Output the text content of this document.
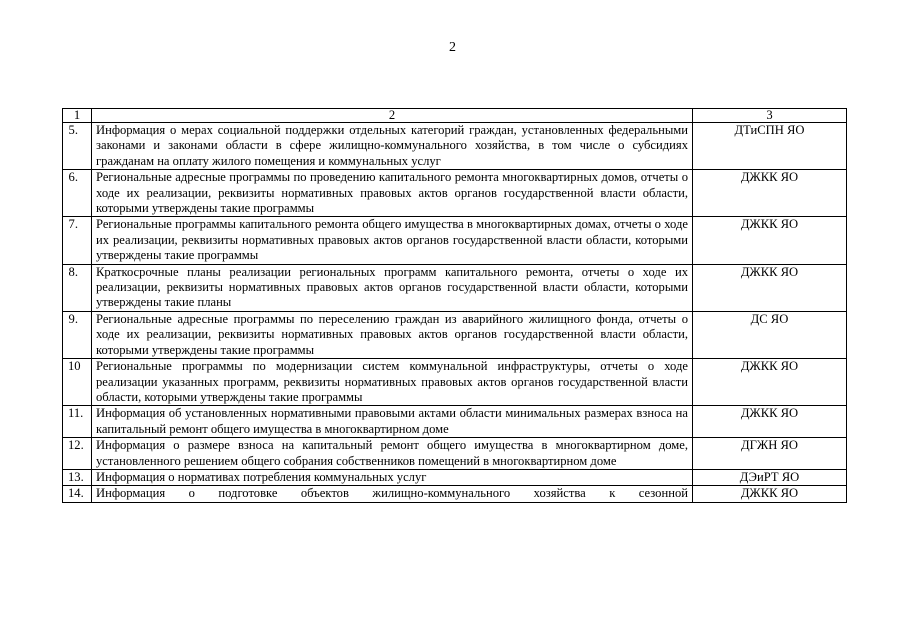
2
1	2	3
5.	Информация о мерах социальной поддержки отдельных категорий граждан, установленных федеральными законами и законами области в сфере жилищно-коммунального хозяйства, в том числе о субсидиях гражданам на оплату жилого помещения и коммунальных услуг	ДТиСПН ЯО
6.	Региональные адресные программы по проведению капитального ремонта многоквартирных домов, отчеты о ходе их реализации, реквизиты нормативных правовых актов органов государственной власти области, которыми утверждены такие программы	ДЖКК ЯО
7.	Региональные программы капитального ремонта общего имущества в многоквартирных домах, отчеты о ходе их реализации, реквизиты нормативных правовых актов органов государственной власти области, которыми утверждены такие программы	ДЖКК ЯО
8.	Краткосрочные планы реализации региональных программ капитального ремонта, отчеты о ходе их реализации, реквизиты нормативных правовых актов органов государственной власти области, которыми утверждены такие планы	ДЖКК ЯО
9.	Региональные адресные программы по переселению граждан из аварийного жилищного фонда, отчеты о ходе их реализации, реквизиты нормативных правовых актов органов государственной власти области, которыми утверждены такие программы	ДС ЯО
10	Региональные программы по модернизации систем коммунальной инфраструктуры, отчеты о ходе реализации указанных программ, реквизиты нормативных правовых актов органов государственной власти области, которыми утверждены такие программы	ДЖКК ЯО
11.	Информация об установленных нормативными правовыми актами области минимальных размерах взноса на капитальный ремонт общего имущества в многоквартирном доме	ДЖКК ЯО
12.	Информация о размере взноса на капитальный ремонт общего имущества в многоквартирном доме, установленного решением общего собрания собственников помещений в многоквартирном доме	ДГЖН ЯО
13.	Информация о нормативах потребления коммунальных услуг	ДЭиРТ ЯО
14.	Информация о подготовке объектов жилищно-коммунального хозяйства к сезонной	ДЖКК ЯО
